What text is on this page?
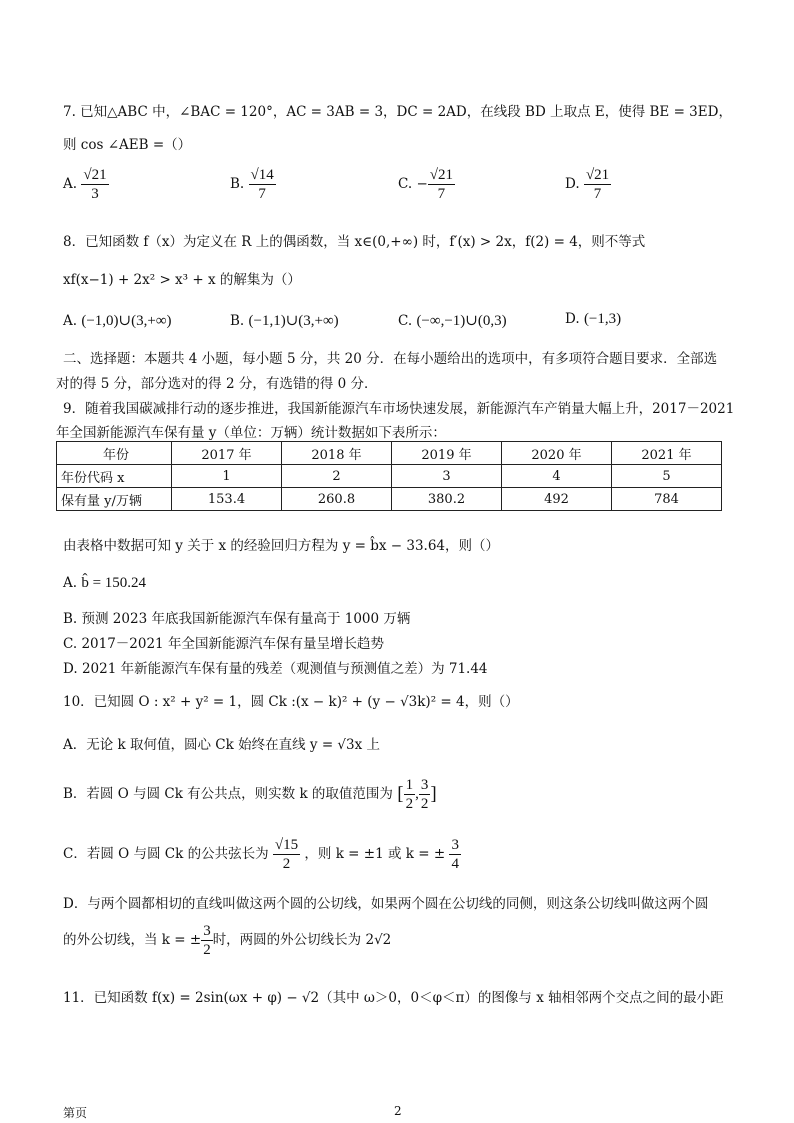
7. 已知△ABC 中，∠BAC = 120°，AC = 3AB = 3，DC = 2AD，在线段 BD 上取点 E，使得 BE = 3ED，
则 cos ∠AEB =（）
A. $\frac{√21}{3}$	B. $\frac{√14}{7}$	C. − $\frac{√21}{7}$	D. $\frac{√21}{7}$
8．已知函数 f（x）为定义在 R 上的偶函数，当 x∈(0,+∞) 时，f′(x) > 2x，f(2) = 4，则不等式
xf(x−1) + 2x² > x³ + x 的解集为（）
A. (−1,0)∪(3,+∞)	B. (−1,1)∪(3,+∞)	C. (−∞,−1)∪(0,3)	D. (−1,3)
二、选择题：本题共 4 小题，每小题 5 分，共 20 分．在每小题给出的选项中，有多项符合题目要求．全部选
对的得 5 分，部分选对的得 2 分，有选错的得 0 分．
9．随着我国碳减排行动的逐步推进，我国新能源汽车市场快速发展，新能源汽车产销量大幅上升，2017－2021
年全国新能源汽车保有量 y（单位：万辆）统计数据如下表所示：
年份	2017 年	2018 年	2019 年	2020 年	2021 年
年份代码 x	1	2	3	4	5
保有量 y/万辆	153.4	260.8	380.2	492	784
由表格中数据可知 y 关于 x 的经验回归方程为 y = b̂x − 33.64，则（）
A. b̂ = 150.24
B. 预测 2023 年底我国新能源汽车保有量高于 1000 万辆
C. 2017－2021 年全国新能源汽车保有量呈增长趋势
D. 2021 年新能源汽车保有量的残差（观测值与预测值之差）为 71.44
10．已知圆 O : x² + y² = 1，圆 Ck :(x − k)² + (y − √3k)² = 4，则（）
A．无论 k 取何值，圆心 Ck 始终在直线 y = √3x 上
B．若圆 O 与圆 Ck 有公共点，则实数 k 的取值范围为 [ $\frac{1}{2}$ , $\frac{3}{2}$ ]
C．若圆 O 与圆 Ck 的公共弦长为 $\frac{√15}{2}$ ，则 k = ±1 或 k = ± $\frac{3}{4}$
D．与两个圆都相切的直线叫做这两个圆的公切线，如果两个圆在公切线的同侧，则这条公切线叫做这两个圆
的外公切线，当 k = ± $\frac{3}{2}$ 时，两圆的外公切线长为 2√2
11．已知函数 f(x) = 2sin(ωx + φ) − √2（其中 ω＞0，0＜φ＜π）的图像与 x 轴相邻两个交点之间的最小距
第页	2
